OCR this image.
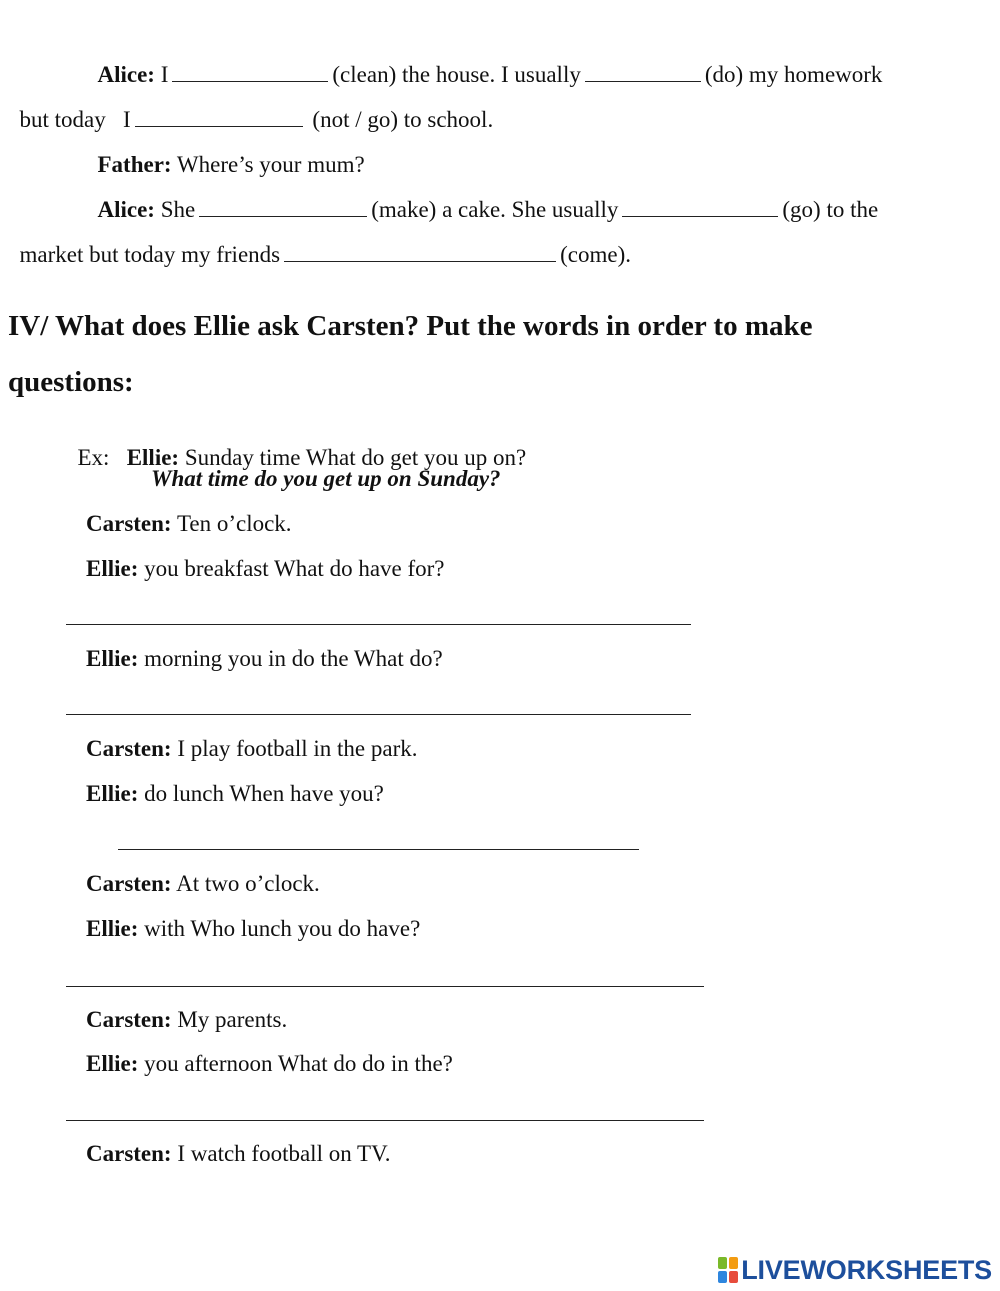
Alice: I	(clean) the house. I usually	(do) my homework

but today   I	(not / go) to school.

Father: Where’s your mum?

Alice: She	(make) a cake. She usually	(go) to the

market but today my friends	(come).

IV/ What does Ellie ask Carsten? Put the words in order to make
questions:

Ex: Ellie: Sunday time What do get you up on?

What time do you get up on Sunday?
Carsten: Ten o’clock.
Ellie: you breakfast What do have for?
Ellie: morning you in do the What do?
Carsten: I play football in the park.
Ellie: do lunch When have you?
Carsten: At two o’clock.
Ellie: with Who lunch you do have?
Carsten: My parents.
Ellie: you afternoon What do do in the?
Carsten: I watch football on TV.
LIVEWORKSHEETS
